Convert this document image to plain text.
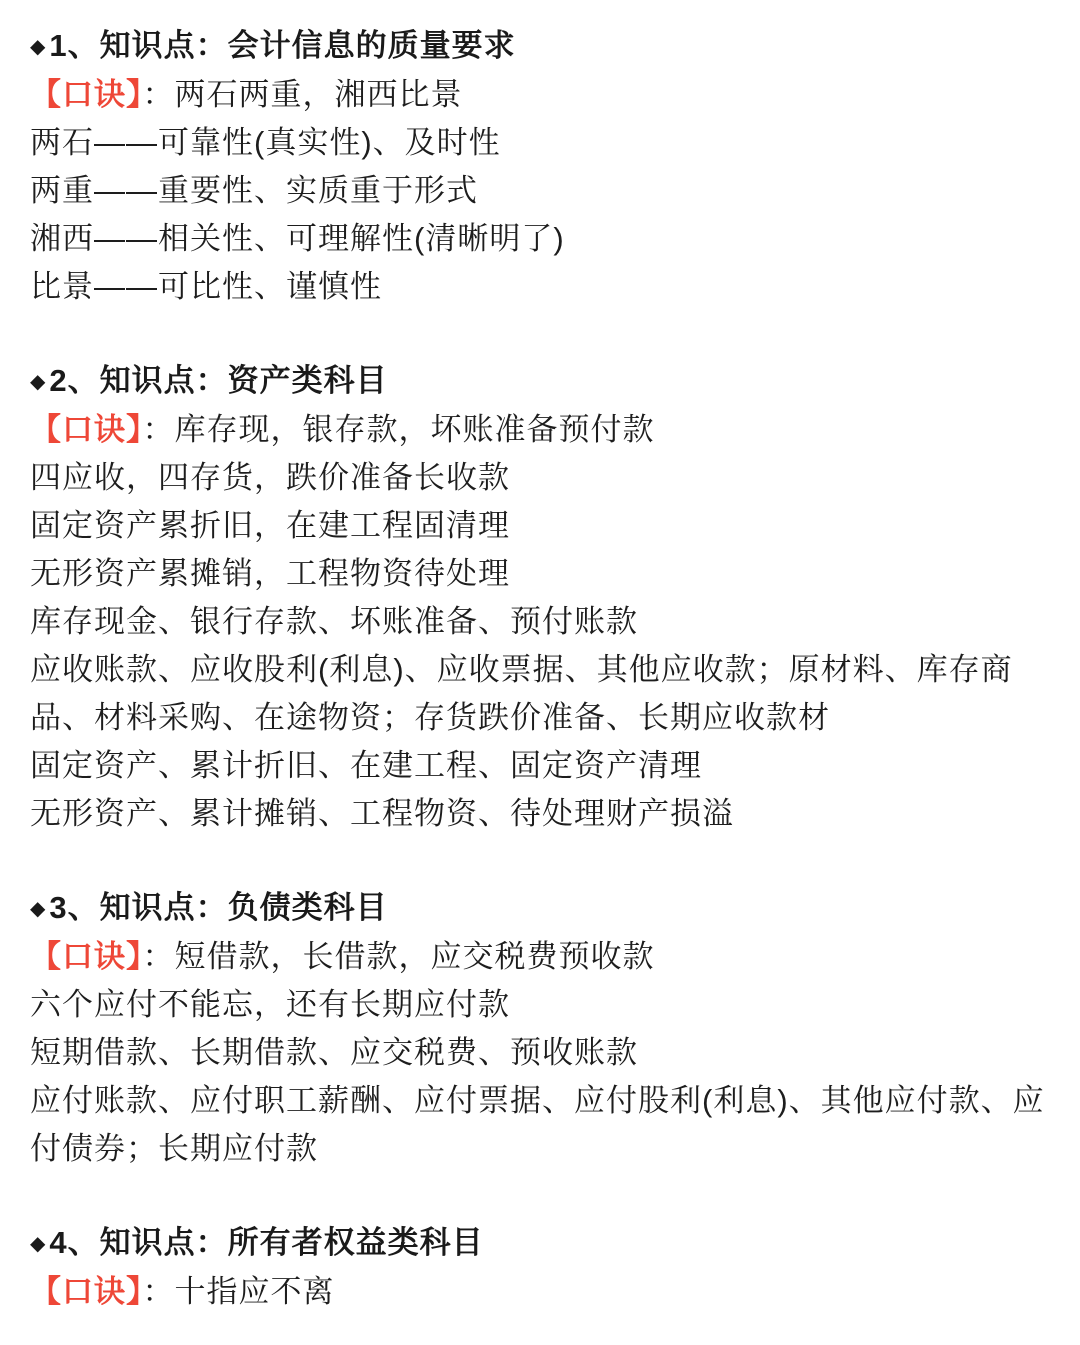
◆1、知识点：会计信息的质量要求

【口诀】：两石两重，湘西比景

两石——可靠性(真实性)、及时性

两重——重要性、实质重于形式

湘西——相关性、可理解性(清晰明了)

比景——可比性、谨慎性

◆2、知识点：资产类科目

【口诀】：库存现，银存款，坏账准备预付款

四应收，四存货，跌价准备长收款

固定资产累折旧，在建工程固清理

无形资产累摊销，工程物资待处理

库存现金、银行存款、坏账准备、预付账款

应收账款、应收股利(利息)、应收票据、其他应收款；原材料、库存商品、材料采购、在途物资；存货跌价准备、长期应收款材

固定资产、累计折旧、在建工程、固定资产清理

无形资产、累计摊销、工程物资、待处理财产损溢

◆3、知识点：负债类科目

【口诀】：短借款，长借款，应交税费预收款

六个应付不能忘，还有长期应付款

短期借款、长期借款、应交税费、预收账款

应付账款、应付职工薪酬、应付票据、应付股利(利息)、其他应付款、应付债券；长期应付款

◆4、知识点：所有者权益类科目

【口诀】：十指应不离
